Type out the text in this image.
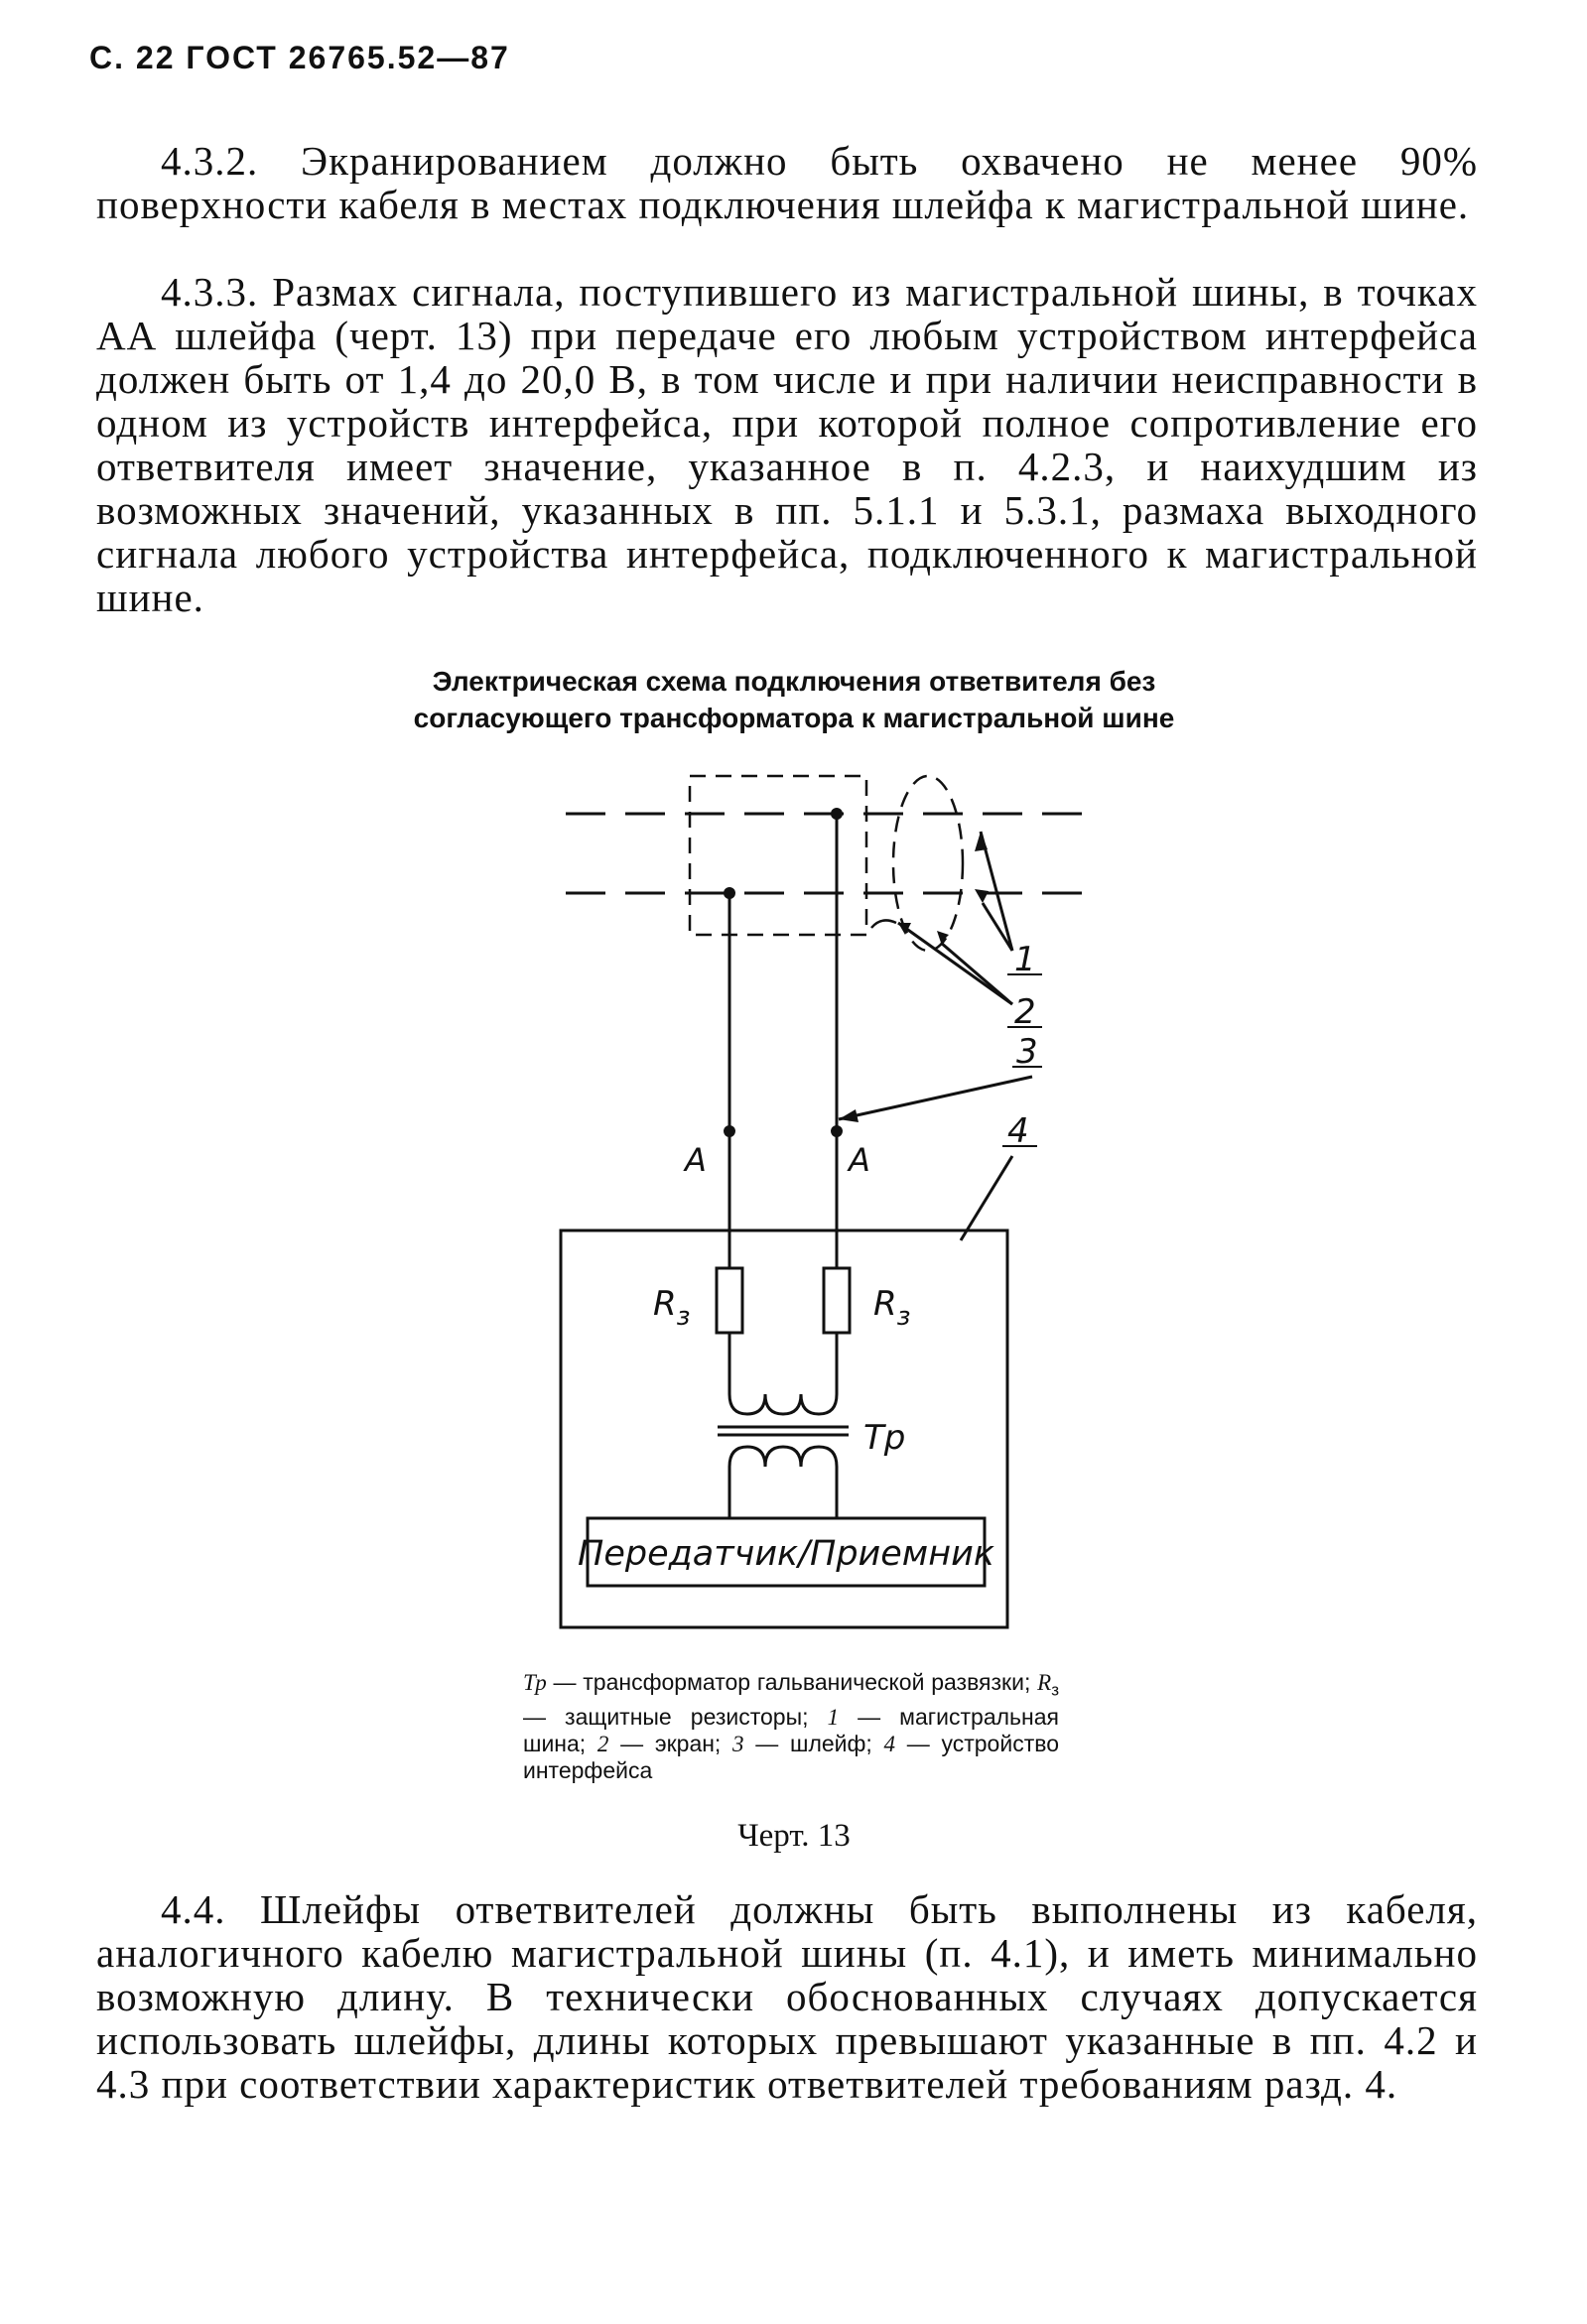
С. 22 ГОСТ 26765.52—87

4.3.2. Экранированием должно быть охвачено не менее 90% поверхности кабеля в местах подключения шлейфа к магистральной шине.

4.3.3. Размах сигнала, поступившего из магистральной шины, в точках АА шлейфа (черт. 13) при передаче его любым устройством интерфейса должен быть от 1,4 до 20,0 В, в том числе и при наличии неисправности в одном из устройств интерфейса, при которой полное сопротивление его ответвителя имеет значение, указанное в п. 4.2.3, и наихудшим из возможных значений, указанных в пп. 5.1.1 и 5.3.1, размаха выходного сигнала любого устройства интерфейса, подключенного к магистральной шине.

Электрическая схема подключения ответвителя без
согласующего трансформатора к магистральной шине
1
2
3
4
А	А
$R_з$	$R_з$
Тр
Передатчик/Приемник
Тр — трансформатор гальванической развязки; $R_з$ — защитные резисторы; 1 — магистральная шина; 2 — экран; 3 — шлейф; 4 — устройство интерфейса
Черт. 13

4.4. Шлейфы ответвителей должны быть выполнены из кабеля, аналогичного кабелю магистральной шины (п. 4.1), и иметь минимально возможную длину. В технически обоснованных случаях допускается использовать шлейфы, длины которых превышают указанные в пп. 4.2 и 4.3 при соответствии характеристик ответвителей требованиям разд. 4.
